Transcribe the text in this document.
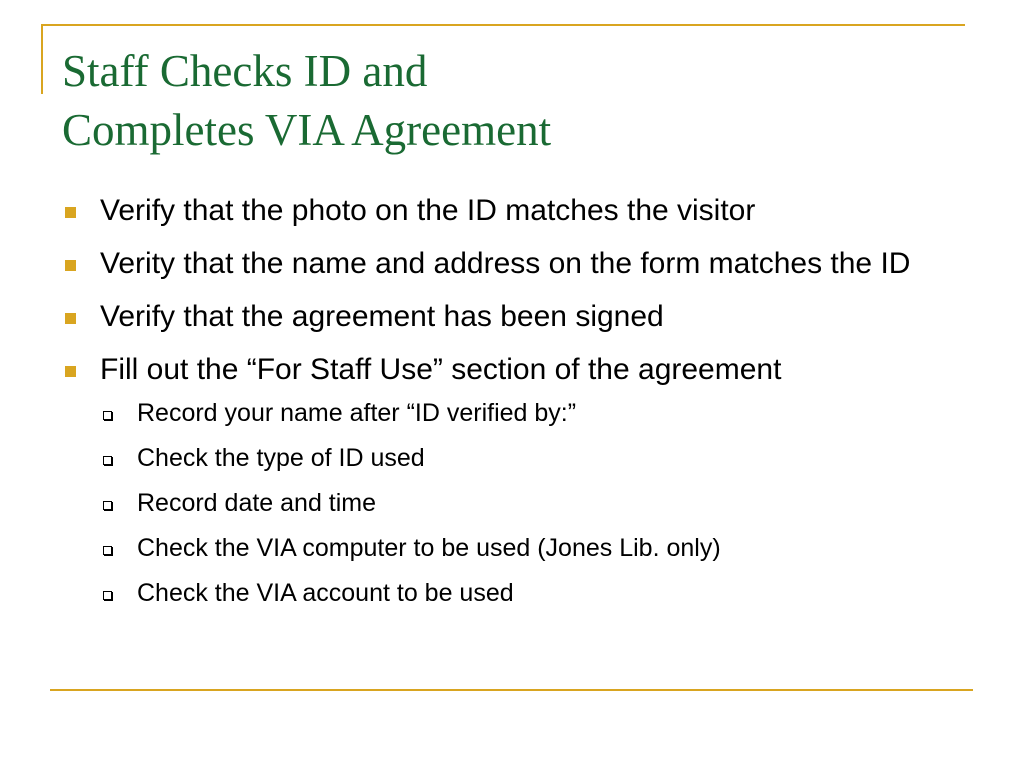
Staff Checks ID and
Completes VIA Agreement
Verify that the photo on the ID matches the visitor
Verity that the name and address on the form matches the ID
Verify that the agreement has been signed
Fill out the “For Staff Use” section of the agreement
Record your name after “ID verified by:”
Check the type of ID used
Record date and time
Check the VIA computer to be used (Jones Lib. only)
Check the VIA account to be used
